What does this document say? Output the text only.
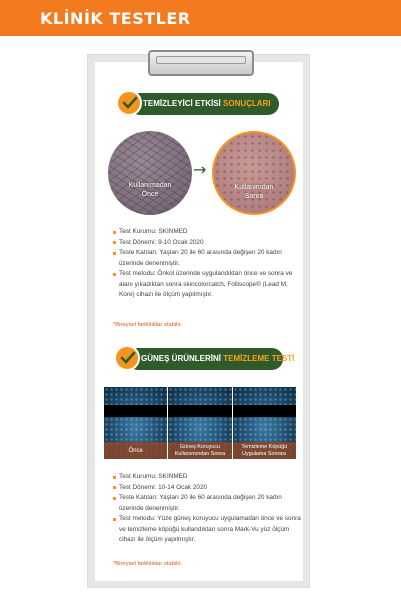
KLİNİK TESTLER
TEMİZLEYİCİ ETKİSİ SONUÇLARI
Kullanımadan
Önce
→
Kullanımdan
Sonra
Test Kurumu: SKINMED
Test Dönemi: 9-10 Ocak 2020
Teste Katılan: Yaşları 20 ile 60 arasında değişen 20 kadın üzerinde denenmiştir.
Test metodu: Önkol üzerinde uygulandıktan önce ve sonra ve alanı yıkadıktan sonra skincolorcatch, Folliscope® (Lead M, Kore) cihazı ile ölçüm yapılmıştır.
*Bireysel farklılıklar olabilir.
GÜNEŞ ÜRÜNLERİNİ TEMİZLEME TESTİ
Önce
Güneş Koruyucu Kullanımından Sonra
Temizleme Köpüğü Uygulama Sonrası
Test Kurumu: SKINMED
Test Dönemi: 10-14 Ocak 2020
Teste Katılan: Yaşları 20 ile 60 arasında değişen 20 kadın üzerinde denenmiştir.
Test metodu: Yüze güneş koruyucu uygulamadan önce ve sonra ve temizleme köpüğü kullandıktan sonra Mark-Vu yüz ölçüm cihazı ile ölçüm yapılmıştır.
*Bireysel farklılıklar olabilir.
